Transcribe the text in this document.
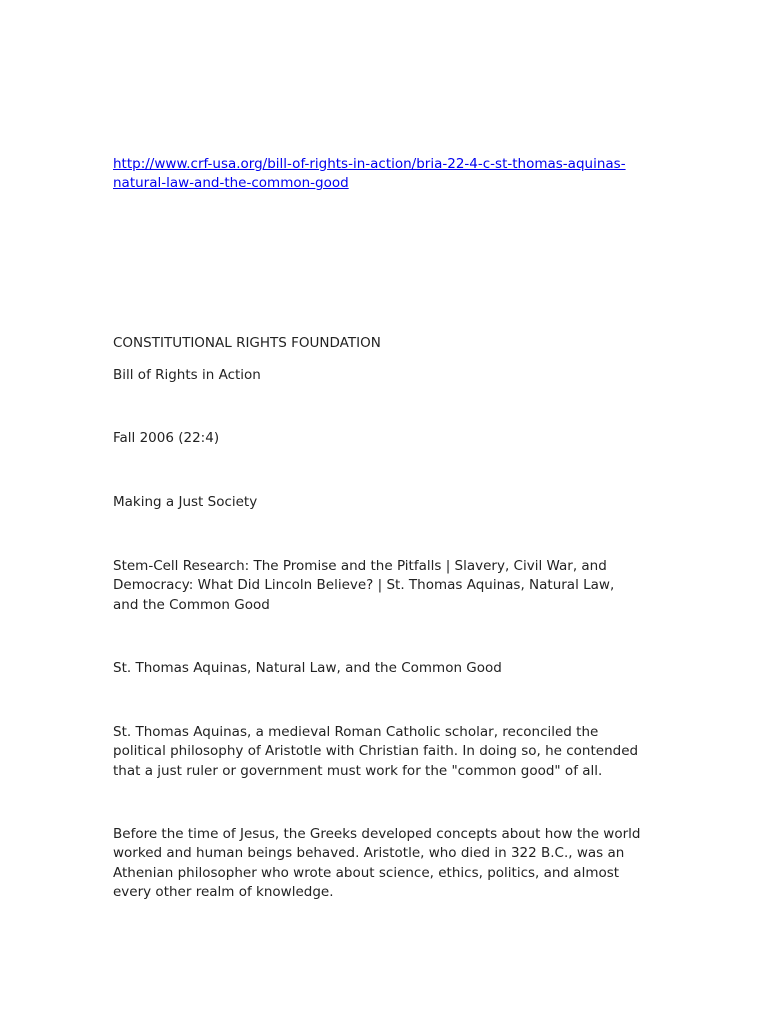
http://www.crf-usa.org/bill-of-rights-in-action/bria-22-4-c-st-thomas-aquinas-
natural-law-and-the-common-good

CONSTITUTIONAL RIGHTS FOUNDATION

Bill of Rights in Action

Fall 2006 (22:4)

Making a Just Society

Stem-Cell Research: The Promise and the Pitfalls | Slavery, Civil War, and
Democracy: What Did Lincoln Believe? | St. Thomas Aquinas, Natural Law,
and the Common Good

St. Thomas Aquinas, Natural Law, and the Common Good

St. Thomas Aquinas, a medieval Roman Catholic scholar, reconciled the
political philosophy of Aristotle with Christian faith. In doing so, he contended
that a just ruler or government must work for the "common good" of all.

Before the time of Jesus, the Greeks developed concepts about how the world
worked and human beings behaved. Aristotle, who died in 322 B.C., was an
Athenian philosopher who wrote about science, ethics, politics, and almost
every other realm of knowledge.
